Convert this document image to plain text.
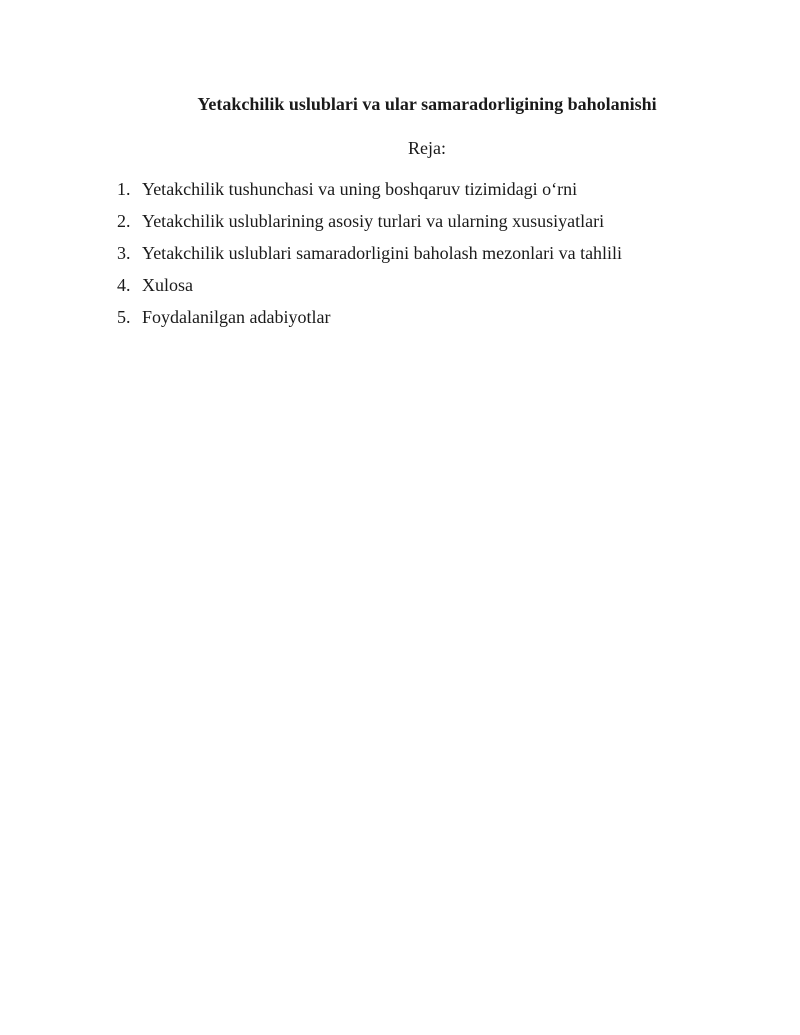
Yetakchilik uslublari va ular samaradorligining baholanishi

Reja:

1. Yetakchilik tushunchasi va uning boshqaruv tizimidagi o‘rni
2. Yetakchilik uslublarining asosiy turlari va ularning xususiyatlari
3. Yetakchilik uslublari samaradorligini baholash mezonlari va tahlili
4. Xulosa
5. Foydalanilgan adabiyotlar
